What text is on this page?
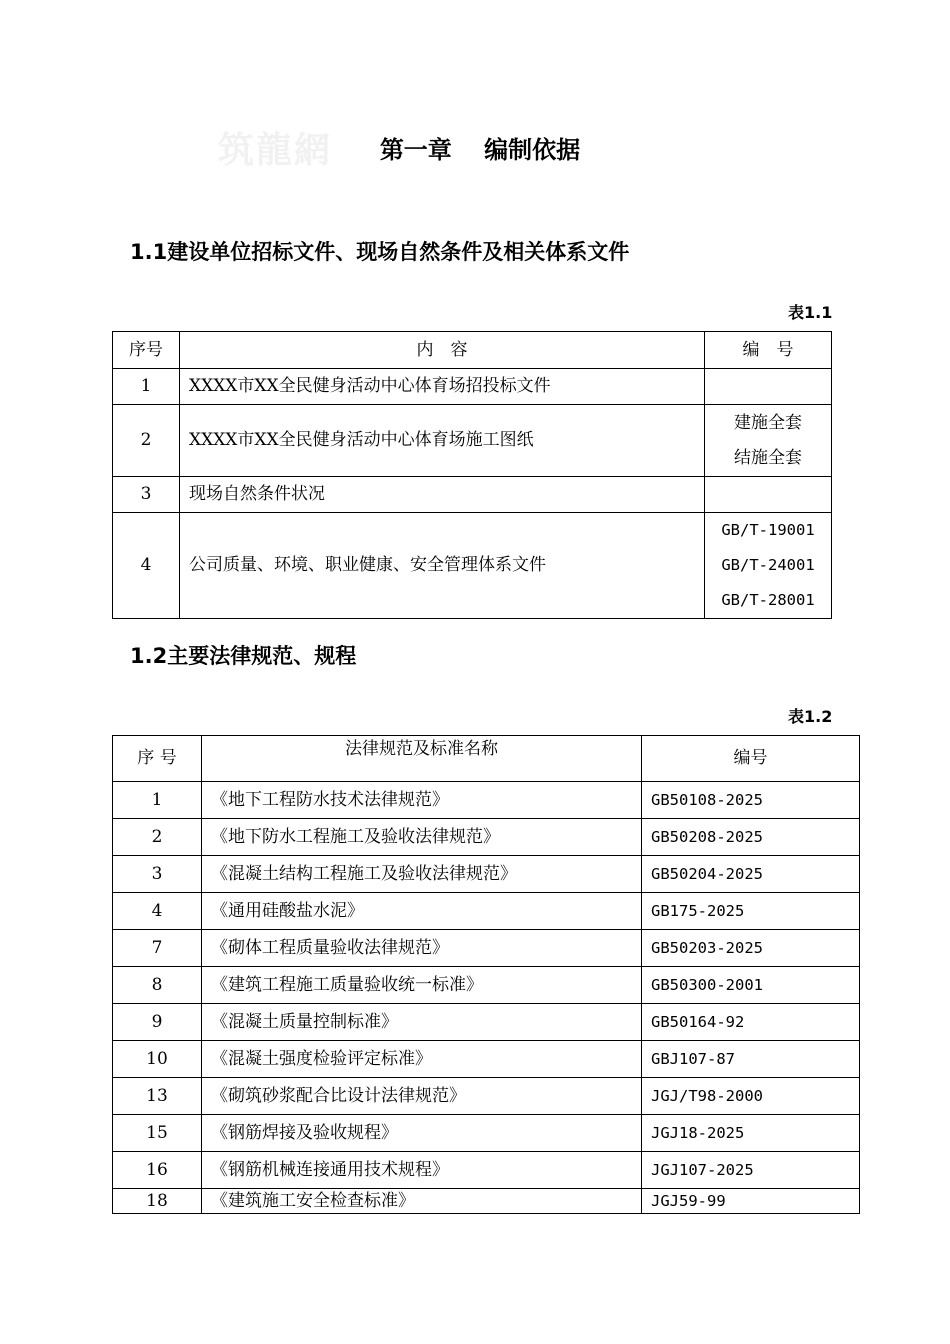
筑龍網	第一章 编制依据
1.1建设单位招标文件、现场自然条件及相关体系文件
表1.1
序号	内　容	编　号
1	XXXX市XX全民健身活动中心体育场招投标文件	
2	XXXX市XX全民健身活动中心体育场施工图纸	建施全套
结施全套

3	现场自然条件状况	
4	公司质量、环境、职业健康、安全管理体系文件	GB/T-19001
GB/T-24001
GB/T-28001
1.2主要法律规范、规程
表1.2
序 号	法律规范及标准名称	编号
1	《地下工程防水技术法律规范》	GB50108-2025
2	《地下防水工程施工及验收法律规范》	GB50208-2025
3	《混凝土结构工程施工及验收法律规范》	GB50204-2025
4	《通用硅酸盐水泥》	GB175-2025
7	《砌体工程质量验收法律规范》	GB50203-2025
8	《建筑工程施工质量验收统一标准》	GB50300-2001
9	《混凝土质量控制标准》	GB50164-92
10	《混凝土强度检验评定标准》	GBJ107-87
13	《砌筑砂浆配合比设计法律规范》	JGJ/T98-2000
15	《钢筋焊接及验收规程》	JGJ18-2025
16	《钢筋机械连接通用技术规程》	JGJ107-2025
18	《建筑施工安全检查标准》	JGJ59-99
